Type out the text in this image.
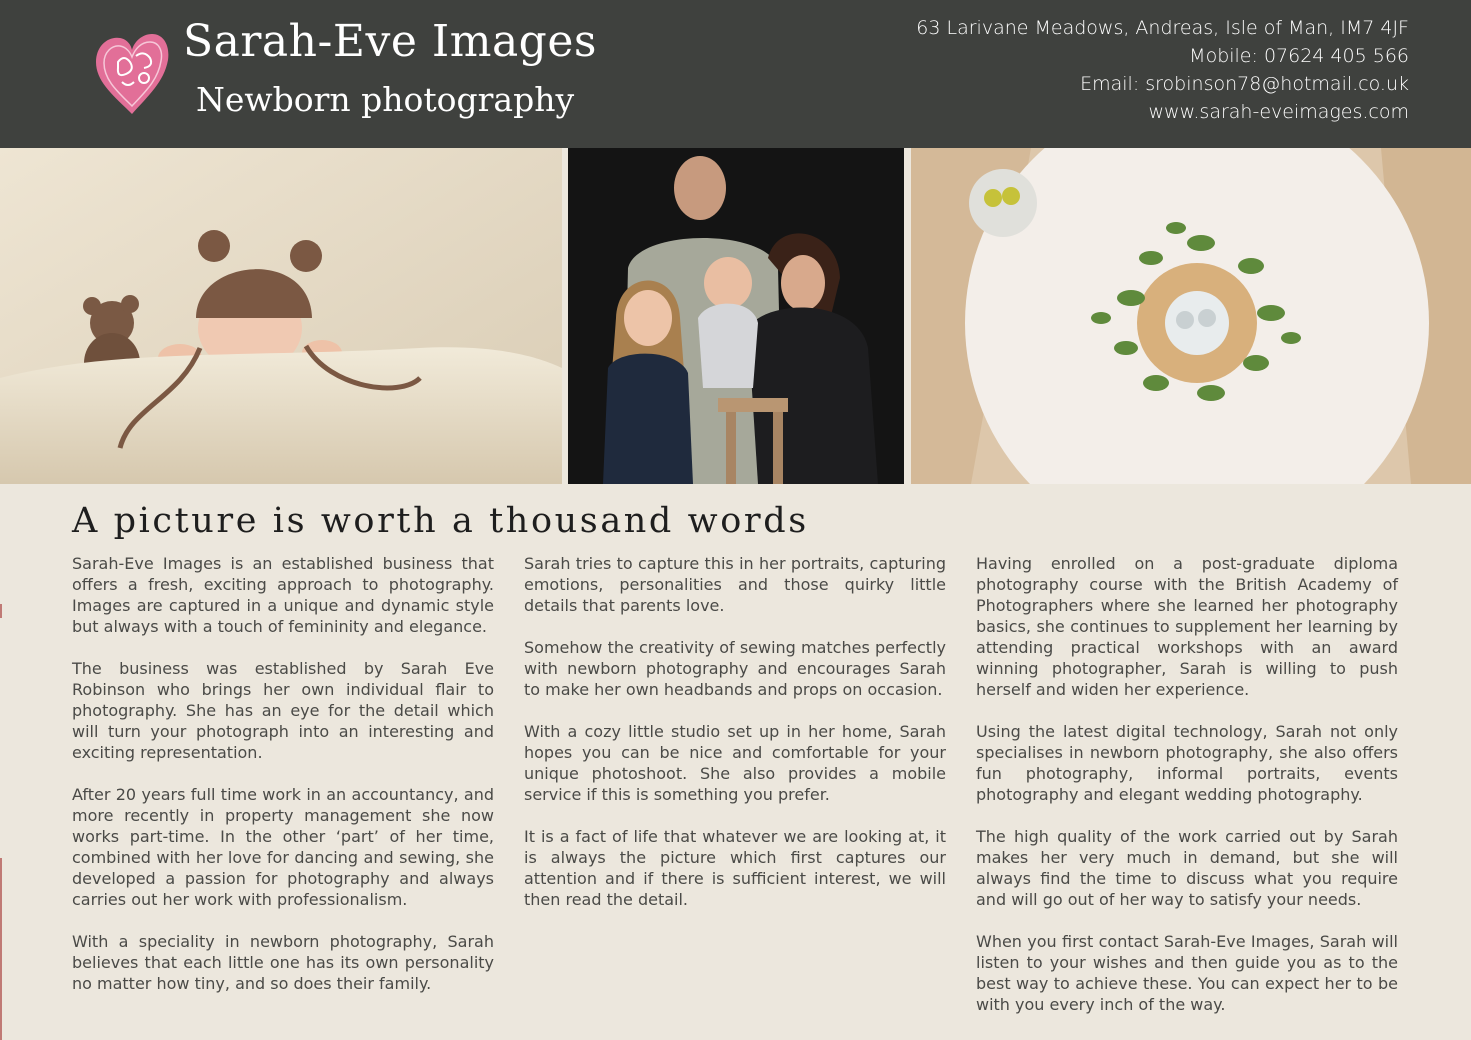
Sarah-Eve Images
Newborn photography
63 Larivane Meadows, Andreas, Isle of Man, IM7 4JF
Mobile: 07624 405 566
Email: srobinson78@hotmail.co.uk
www.sarah-eveimages.com
A picture is worth a thousand words

Sarah-Eve Images is an established business that offers a fresh, exciting approach to photography. Images are captured in a unique and dynamic style but always with a touch of femininity and elegance.

The business was established by Sarah Eve Robinson who brings her own individual flair to photography. She has an eye for the detail which will turn your photograph into an interesting and exciting representation.

After 20 years full time work in an accountancy, and more recently in property management she now works part-time. In the other ‘part’ of her time, combined with her love for dancing and sewing, she developed a passion for photography and always carries out her work with professionalism.

With a speciality in newborn photography, Sarah believes that each little one has its own personality no matter how tiny, and so does their family.

Sarah tries to capture this in her portraits, capturing emotions, personalities and those quirky little details that parents love.

Somehow the creativity of sewing matches perfectly with newborn photography and encourages Sarah to make her own headbands and props on occasion.

With a cozy little studio set up in her home, Sarah hopes you can be nice and comfortable for your unique photoshoot. She also provides a mobile service if this is something you prefer.

It is a fact of life that whatever we are looking at, it is always the picture which first captures our attention and if there is sufficient interest, we will then read the detail.

Having enrolled on a post-graduate diploma photography course with the British Academy of Photographers where she learned her photography basics, she continues to supplement her learning by attending practical workshops with an award winning photographer, Sarah is willing to push herself and widen her experience.

Using the latest digital technology, Sarah not only specialises in newborn photography, she also offers fun photography, informal portraits, events photography and elegant wedding photography.

The high quality of the work carried out by Sarah makes her very much in demand, but she will always find the time to discuss what you require and will go out of her way to satisfy your needs.

When you first contact Sarah-Eve Images, Sarah will listen to your wishes and then guide you as to the best way to achieve these. You can expect her to be with you every inch of the way.
